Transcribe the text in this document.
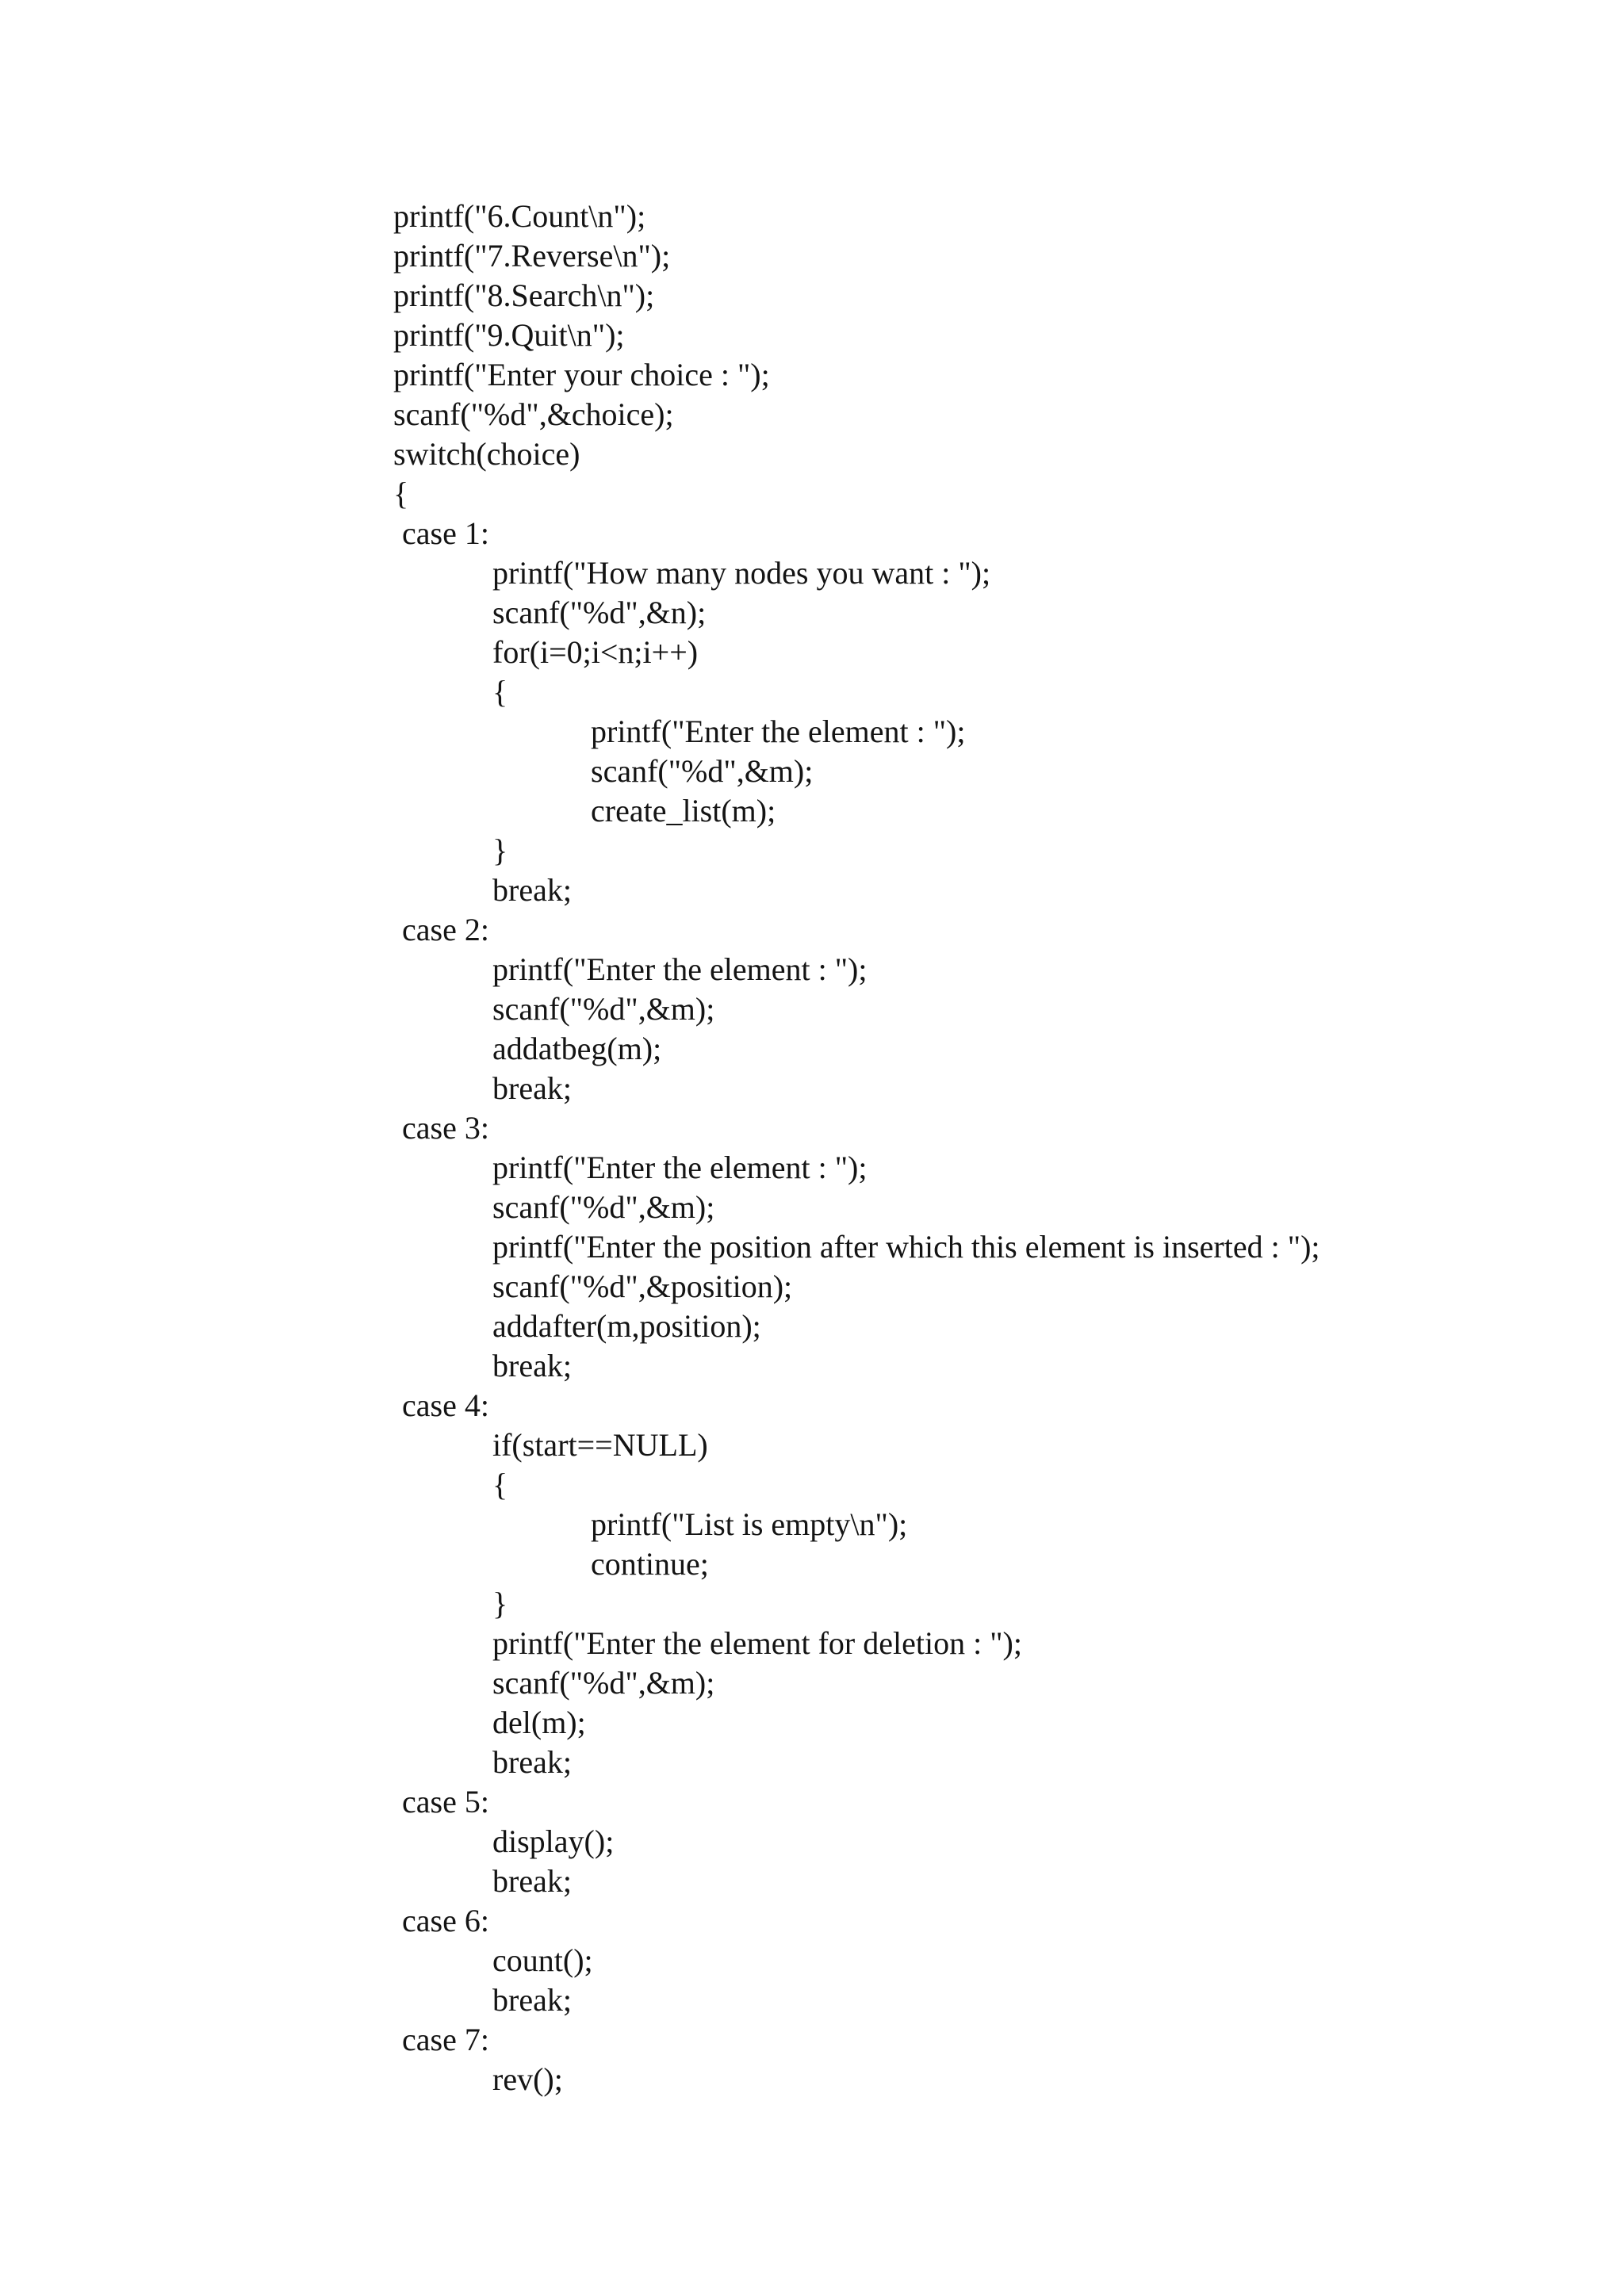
printf("6.Count\n");
printf("7.Reverse\n");
printf("8.Search\n");
printf("9.Quit\n");
printf("Enter your choice : ");
scanf("%d",&choice);
switch(choice)
{
case 1:
printf("How many nodes you want : ");
scanf("%d",&n);
for(i=0;i<n;i++)
{
printf("Enter the element : ");
scanf("%d",&m);
create_list(m);
}
break;
case 2:
printf("Enter the element : ");
scanf("%d",&m);
addatbeg(m);
break;
case 3:
printf("Enter the element : ");
scanf("%d",&m);
printf("Enter the position after which this element is inserted : ");
scanf("%d",&position);
addafter(m,position);
break;
case 4:
if(start==NULL)
{
printf("List is empty\n");
continue;
}
printf("Enter the element for deletion : ");
scanf("%d",&m);
del(m);
break;
case 5:
display();
break;
case 6:
count();
break;
case 7:
rev();
